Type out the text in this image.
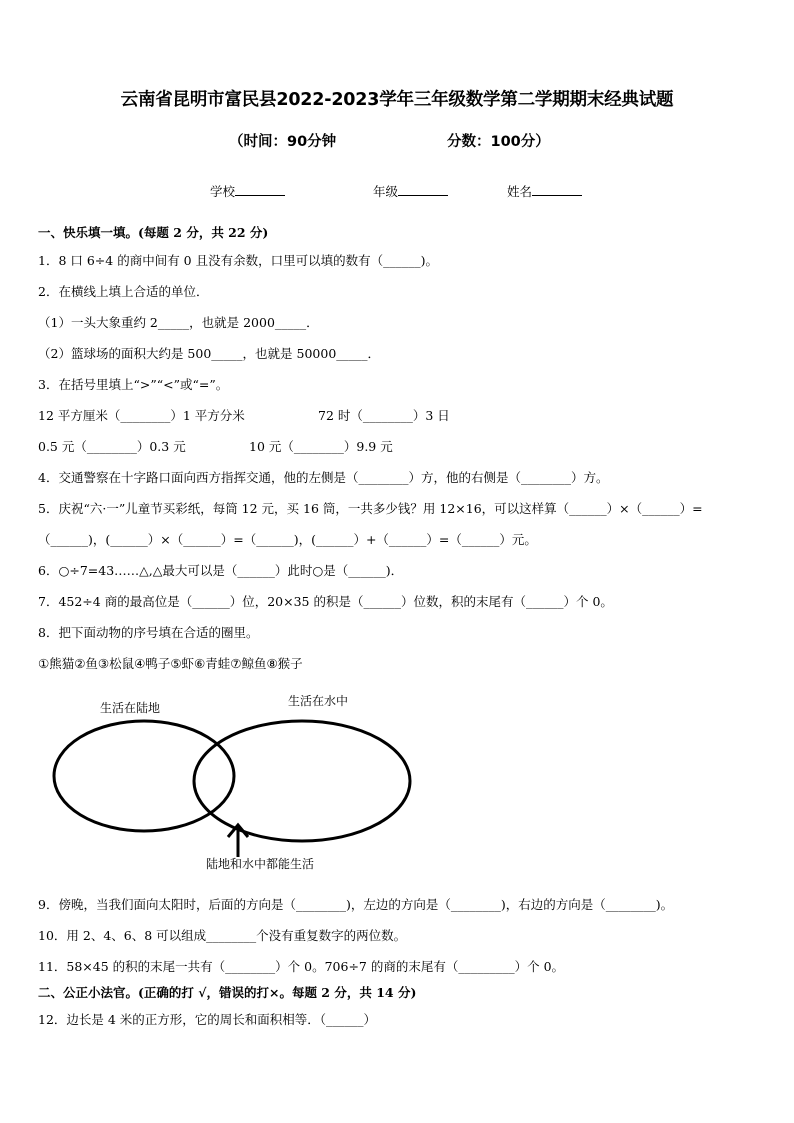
云南省昆明市富民县2022-2023学年三年级数学第二学期期末经典试题
（时间：90分钟	分数：100分）
学校	年级	姓名
一、快乐填一填。(每题 2 分，共 22 分)
1．8 口 6÷4 的商中间有 0 且没有余数，口里可以填的数有（______)。
2．在横线上填上合适的单位．
（1）一头大象重约 2_____，也就是 2000_____．
（2）篮球场的面积大约是 500_____，也就是 50000_____．
3．在括号里填上“>”“<”或“=”。
12 平方厘米（________）1 平方分米	72 时（________）3 日
0.5 元（________）0.3 元	10 元（________）9.9 元
4．交通警察在十字路口面向西方指挥交通，他的左侧是（________）方，他的右侧是（________）方。
5．庆祝“六·一”儿童节买彩纸，每筒 12 元，买 16 筒，一共多少钱？用 12×16，可以这样算（______）×（______）=
（______)，(______）×（______）=（______)，(______）+（______）=（______）元。
6．○÷7=43……△,△最大可以是（______）此时○是（______)．
7．452÷4 商的最高位是（______）位，20×35 的积是（______）位数，积的末尾有（______）个 0。
8．把下面动物的序号填在合适的圈里。
①熊猫②鱼③松鼠④鸭子⑤虾⑥青蛙⑦鲸鱼⑧猴子
生活在陆地	生活在水中
陆地和水中都能生活
9．傍晚，当我们面向太阳时，后面的方向是（________)，左边的方向是（________)，右边的方向是（________)。
10．用 2、4、6、8 可以组成________个没有重复数字的两位数。
11．58×45 的积的末尾一共有（________）个 0。706÷7 的商的末尾有（_________）个 0。
二、公正小法官。(正确的打 √，错误的打×。每题 2 分，共 14 分)
12．边长是 4 米的正方形，它的周长和面积相等．（______）
